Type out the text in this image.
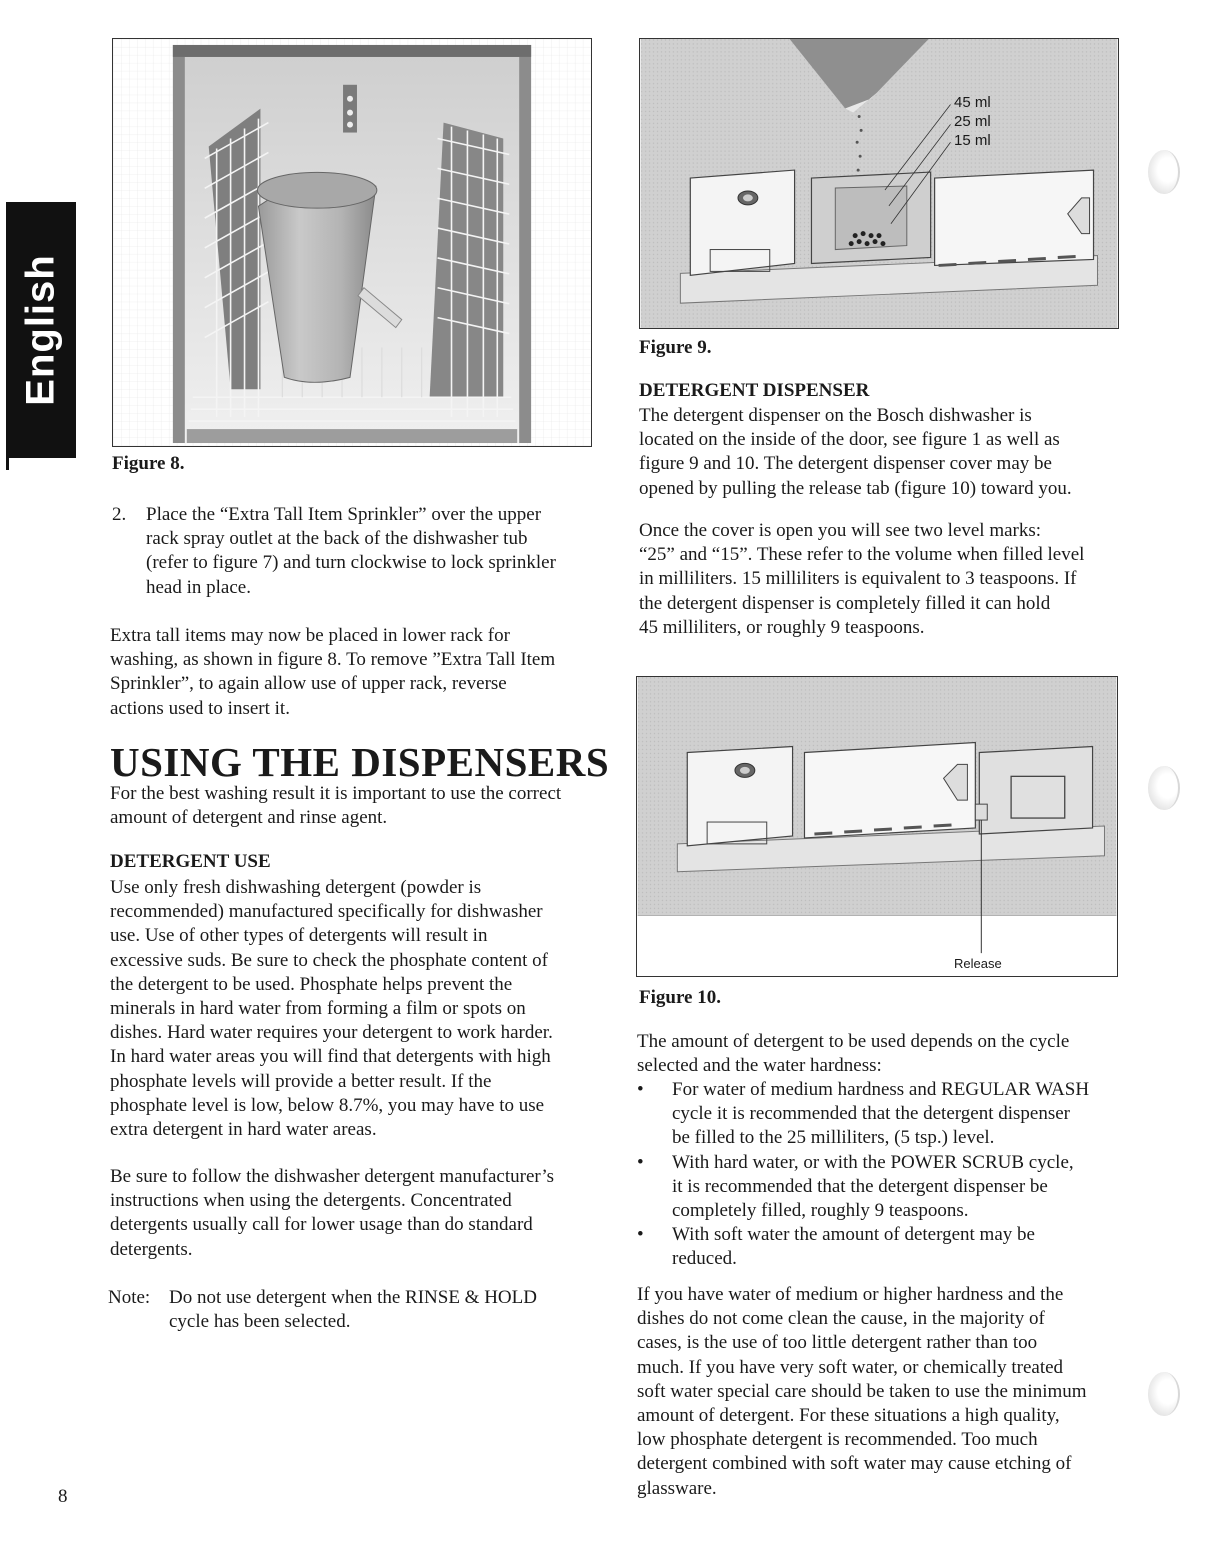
English
Figure 8.
2. Place the “Extra Tall Item Sprinkler” over the upper
rack spray outlet at the back of the dishwasher tub
(refer to figure 7) and turn clockwise to lock sprinkler
head in place.
Extra tall items may now be placed in lower rack for
washing, as shown in figure 8. To remove ”Extra Tall Item
Sprinkler”, to again allow use of upper rack, reverse
actions used to insert it.
USING THE DISPENSERS
For the best washing result it is important to use the correct
amount of detergent and rinse agent.
DETERGENT USE
Use only fresh dishwashing detergent (powder is
recommended) manufactured specifically for dishwasher
use. Use of other types of detergents will result in
excessive suds. Be sure to check the phosphate content of
the detergent to be used. Phosphate helps prevent the
minerals in hard water from forming a film or spots on
dishes. Hard water requires your detergent to work harder.
In hard water areas you will find that detergents with high
phosphate levels will provide a better result. If the
phosphate level is low, below 8.7%, you may have to use
extra detergent in hard water areas.
Be sure to follow the dishwasher detergent manufacturer’s
instructions when using the detergents. Concentrated
detergents usually call for lower usage than do standard
detergents.
Note: Do not use detergent when the RINSE & HOLD
cycle has been selected.
8
45 ml
25 ml
15 ml
Figure 9.
DETERGENT DISPENSER
The detergent dispenser on the Bosch dishwasher is
located on the inside of the door, see figure 1 as well as
figure 9 and 10. The detergent dispenser cover may be
opened by pulling the release tab (figure 10) toward you.
Once the cover is open you will see two level marks:
“25” and “15”. These refer to the volume when filled level
in milliliters. 15 milliliters is equivalent to 3 teaspoons. If
the detergent dispenser is completely filled it can hold
45 milliliters, or roughly 9 teaspoons.
Release
Figure 10.
The amount of detergent to be used depends on the cycle
selected and the water hardness:
• For water of medium hardness and REGULAR WASH
cycle it is recommended that the detergent dispenser
be filled to the 25 milliliters, (5 tsp.) level.
• With hard water, or with the POWER SCRUB cycle,
it is recommended that the detergent dispenser be
completely filled, roughly 9 teaspoons.
• With soft water the amount of detergent may be
reduced.
If you have water of medium or higher hardness and the
dishes do not come clean the cause, in the majority of
cases, is the use of too little detergent rather than too
much. If you have very soft water, or chemically treated
soft water special care should be taken to use the minimum
amount of detergent. For these situations a high quality,
low phosphate detergent is recommended. Too much
detergent combined with soft water may cause etching of
glassware.
